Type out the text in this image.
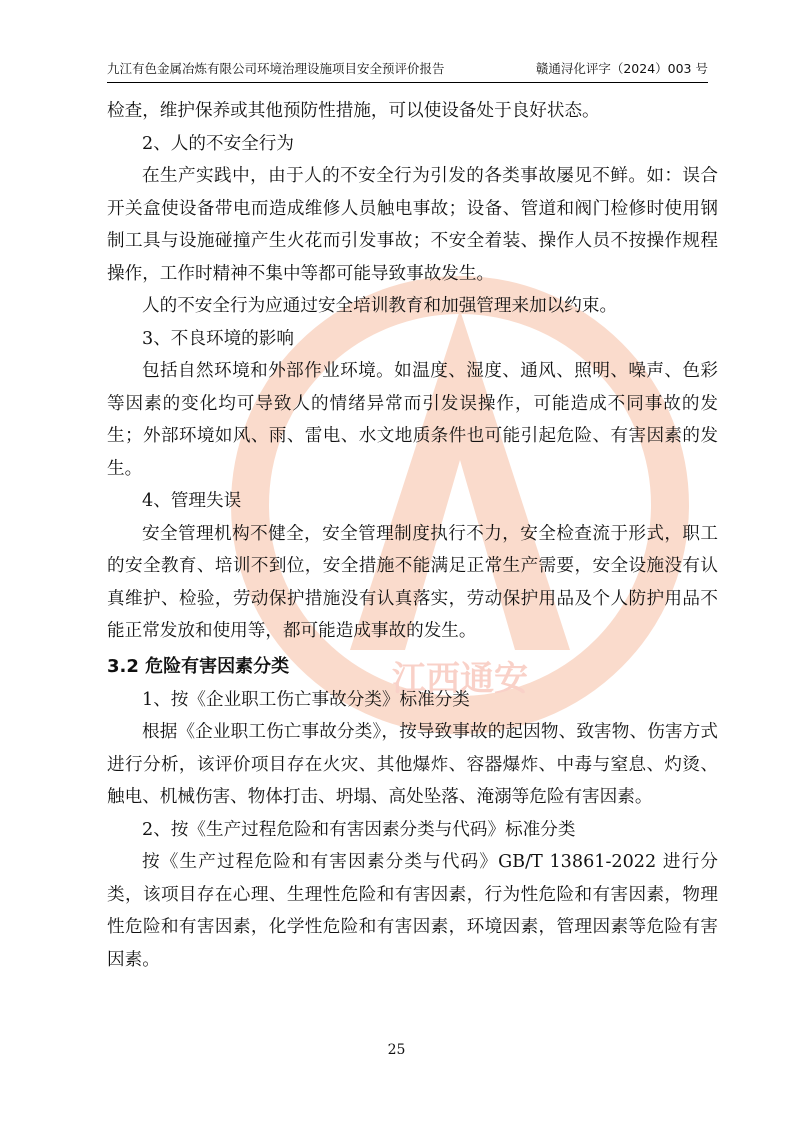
九江有色金属冶炼有限公司环境治理设施项目安全预评价报告	赣通浔化评字（2024）003 号
江西通安

检查，维护保养或其他预防性措施，可以使设备处于良好状态。

2、人的不安全行为

在生产实践中，由于人的不安全行为引发的各类事故屡见不鲜。如：误合开关盒使设备带电而造成维修人员触电事故；设备、管道和阀门检修时使用钢制工具与设施碰撞产生火花而引发事故；不安全着装、操作人员不按操作规程操作，工作时精神不集中等都可能导致事故发生。

人的不安全行为应通过安全培训教育和加强管理来加以约束。

3、不良环境的影响

包括自然环境和外部作业环境。如温度、湿度、通风、照明、噪声、色彩等因素的变化均可导致人的情绪异常而引发误操作，可能造成不同事故的发生；外部环境如风、雨、雷电、水文地质条件也可能引起危险、有害因素的发生。

4、管理失误

安全管理机构不健全，安全管理制度执行不力，安全检查流于形式，职工的安全教育、培训不到位，安全措施不能满足正常生产需要，安全设施没有认真维护、检验，劳动保护措施没有认真落实，劳动保护用品及个人防护用品不能正常发放和使用等，都可能造成事故的发生。

3.2 危险有害因素分类

1、按《企业职工伤亡事故分类》标准分类

根据《企业职工伤亡事故分类》，按导致事故的起因物、致害物、伤害方式进行分析，该评价项目存在火灾、其他爆炸、容器爆炸、中毒与窒息、灼烫、触电、机械伤害、物体打击、坍塌、高处坠落、淹溺等危险有害因素。

2、按《生产过程危险和有害因素分类与代码》标准分类

按《生产过程危险和有害因素分类与代码》GB/T 13861-2022 进行分类，该项目存在心理、生理性危险和有害因素，行为性危险和有害因素，物理性危险和有害因素，化学性危险和有害因素，环境因素，管理因素等危险有害因素。

25
